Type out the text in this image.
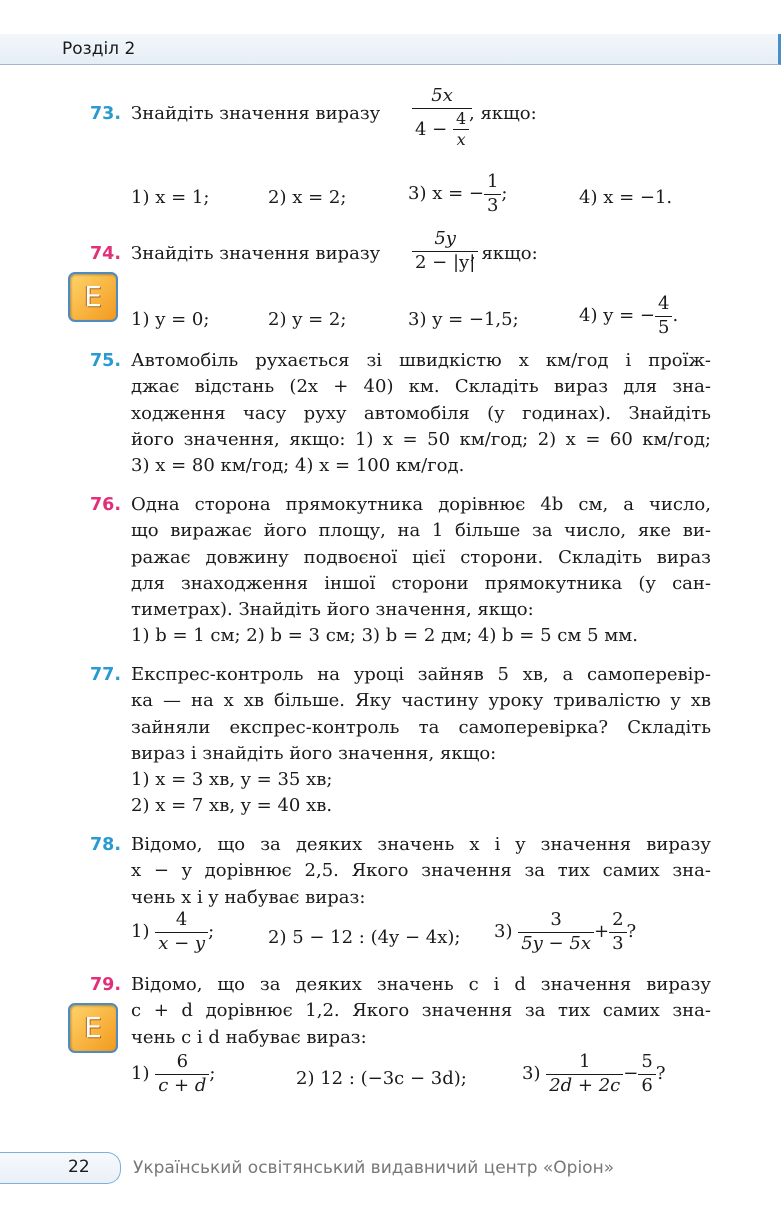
Розділ 2
73. Знайдіть значення виразу $\frac{5x}{4 - \frac{4}{x}}$
, якщо:
1) x = 1;	2) x = 2;	3) x = − $\frac{1}{3}$ ;	4) x = −1.
74. Знайдіть значення виразу $\frac{5y}{2 - |y|}$
, якщо:
E
1) y = 0;	2) y = 2;	3) y = −1,5;	4) y = − $\frac{4}{5}$ .
75. Автомобіль рухається зі швидкістю x км/год і проїж-
джає відстань (2x + 40) км. Складіть вираз для зна-
ходження часу руху автомобіля (у годинах). Знайдіть
його значення, якщо: 1) x = 50 км/год; 2) x = 60 км/год;
3) x = 80 км/год; 4) x = 100 км/год.
76. Одна сторона прямокутника дорівнює 4b см, а число,
що виражає його площу, на 1 більше за число, яке ви-
ражає довжину подвоєної цієї сторони. Складіть вираз
для знаходження іншої сторони прямокутника (у сан-
тиметрах). Знайдіть його значення, якщо:
1) b = 1 см; 2) b = 3 см; 3) b = 2 дм; 4) b = 5 см 5 мм.
77. Експрес-контроль на уроці зайняв 5 хв, а самоперевір-
ка — на x хв більше. Яку частину уроку тривалістю y хв
зайняли експрес-контроль та самоперевірка? Складіть
вираз і знайдіть його значення, якщо:
1) x = 3 хв, y = 35 хв;
2) x = 7 хв, y = 40 хв.
78. Відомо, що за деяких значень x і y значення виразу
x − y дорівнює 2,5. Якого значення за тих самих зна-
чень x і y набуває вираз:
$1) \frac{4}{x - y}$ ;	2) 5 − 12 : (4y − 4x); $3) \frac{3}{5y - 5x} + \frac{2}{3}$ ?
79. Відомо, що за деяких значень c і d значення виразу
c + d дорівнює 1,2. Якого значення за тих самих зна-
чень c і d набуває вираз:
E
$1) \frac{6}{c + d}$ ;	2) 12 : (−3c − 3d);	$3) \frac{1}{2d + 2c} - \frac{5}{6}$ ?
22	Український освітянський видавничий центр «Оріон»
